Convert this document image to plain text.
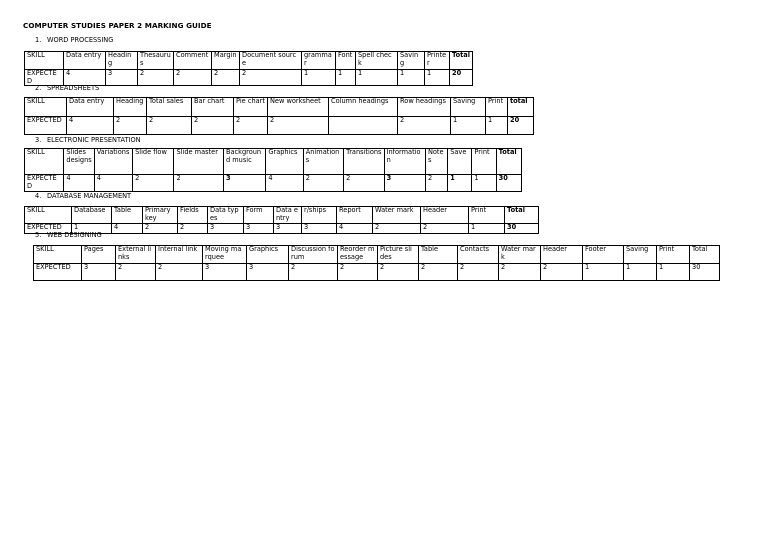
COMPUTER STUDIES PAPER 2 MARKING GUIDE
1. WORD PROCESSING
SKILL	Data entry	Heading	Thesaurus	Comment	Margin	Document source	grammar	Font	Spell check	Saving	Printer	Total
EXPECTED	4	3	2	2	2	2	1	1	1	1	1	20
2. SPREADSHEETS
SKILL	Data entry	Heading	Total sales	Bar chart	Pie chart	New worksheet	Column headings	Row headings	Saving	Print	total
EXPECTED	4	2	2	2	2	2		2	1	1	20
3. ELECTRONIC PRESENTATION
SKILL	Slides designs	Variations	Slide flow	Slide master	Background music	Graphics	Animations	Transitions	Information	Notes	Save	Print	Total
EXPECTED	4	4	2	2	3	4	2	2	3	2	1	1	30
4. DATABASE MANAGEMENT
SKILL	Database	Table	Primary key	Fields	Data types	Form	Data entry	r/ships	Report	Water mark	Header	Print	Total
EXPECTED	1	4	2	2	3	3	3	3	4	2	2	1	30
5. WEB DESIGNING
SKILL	Pages	External links	Internal link	Moving marquee	Graphics	Discussion forum	Reorder message	Picture slides	Table	Contacts	Water mark	Header	Footer	Saving	Print	Total
EXPECTED	3	2	2	3	3	2	2	2	2	2	2	2	1	1	1	30
